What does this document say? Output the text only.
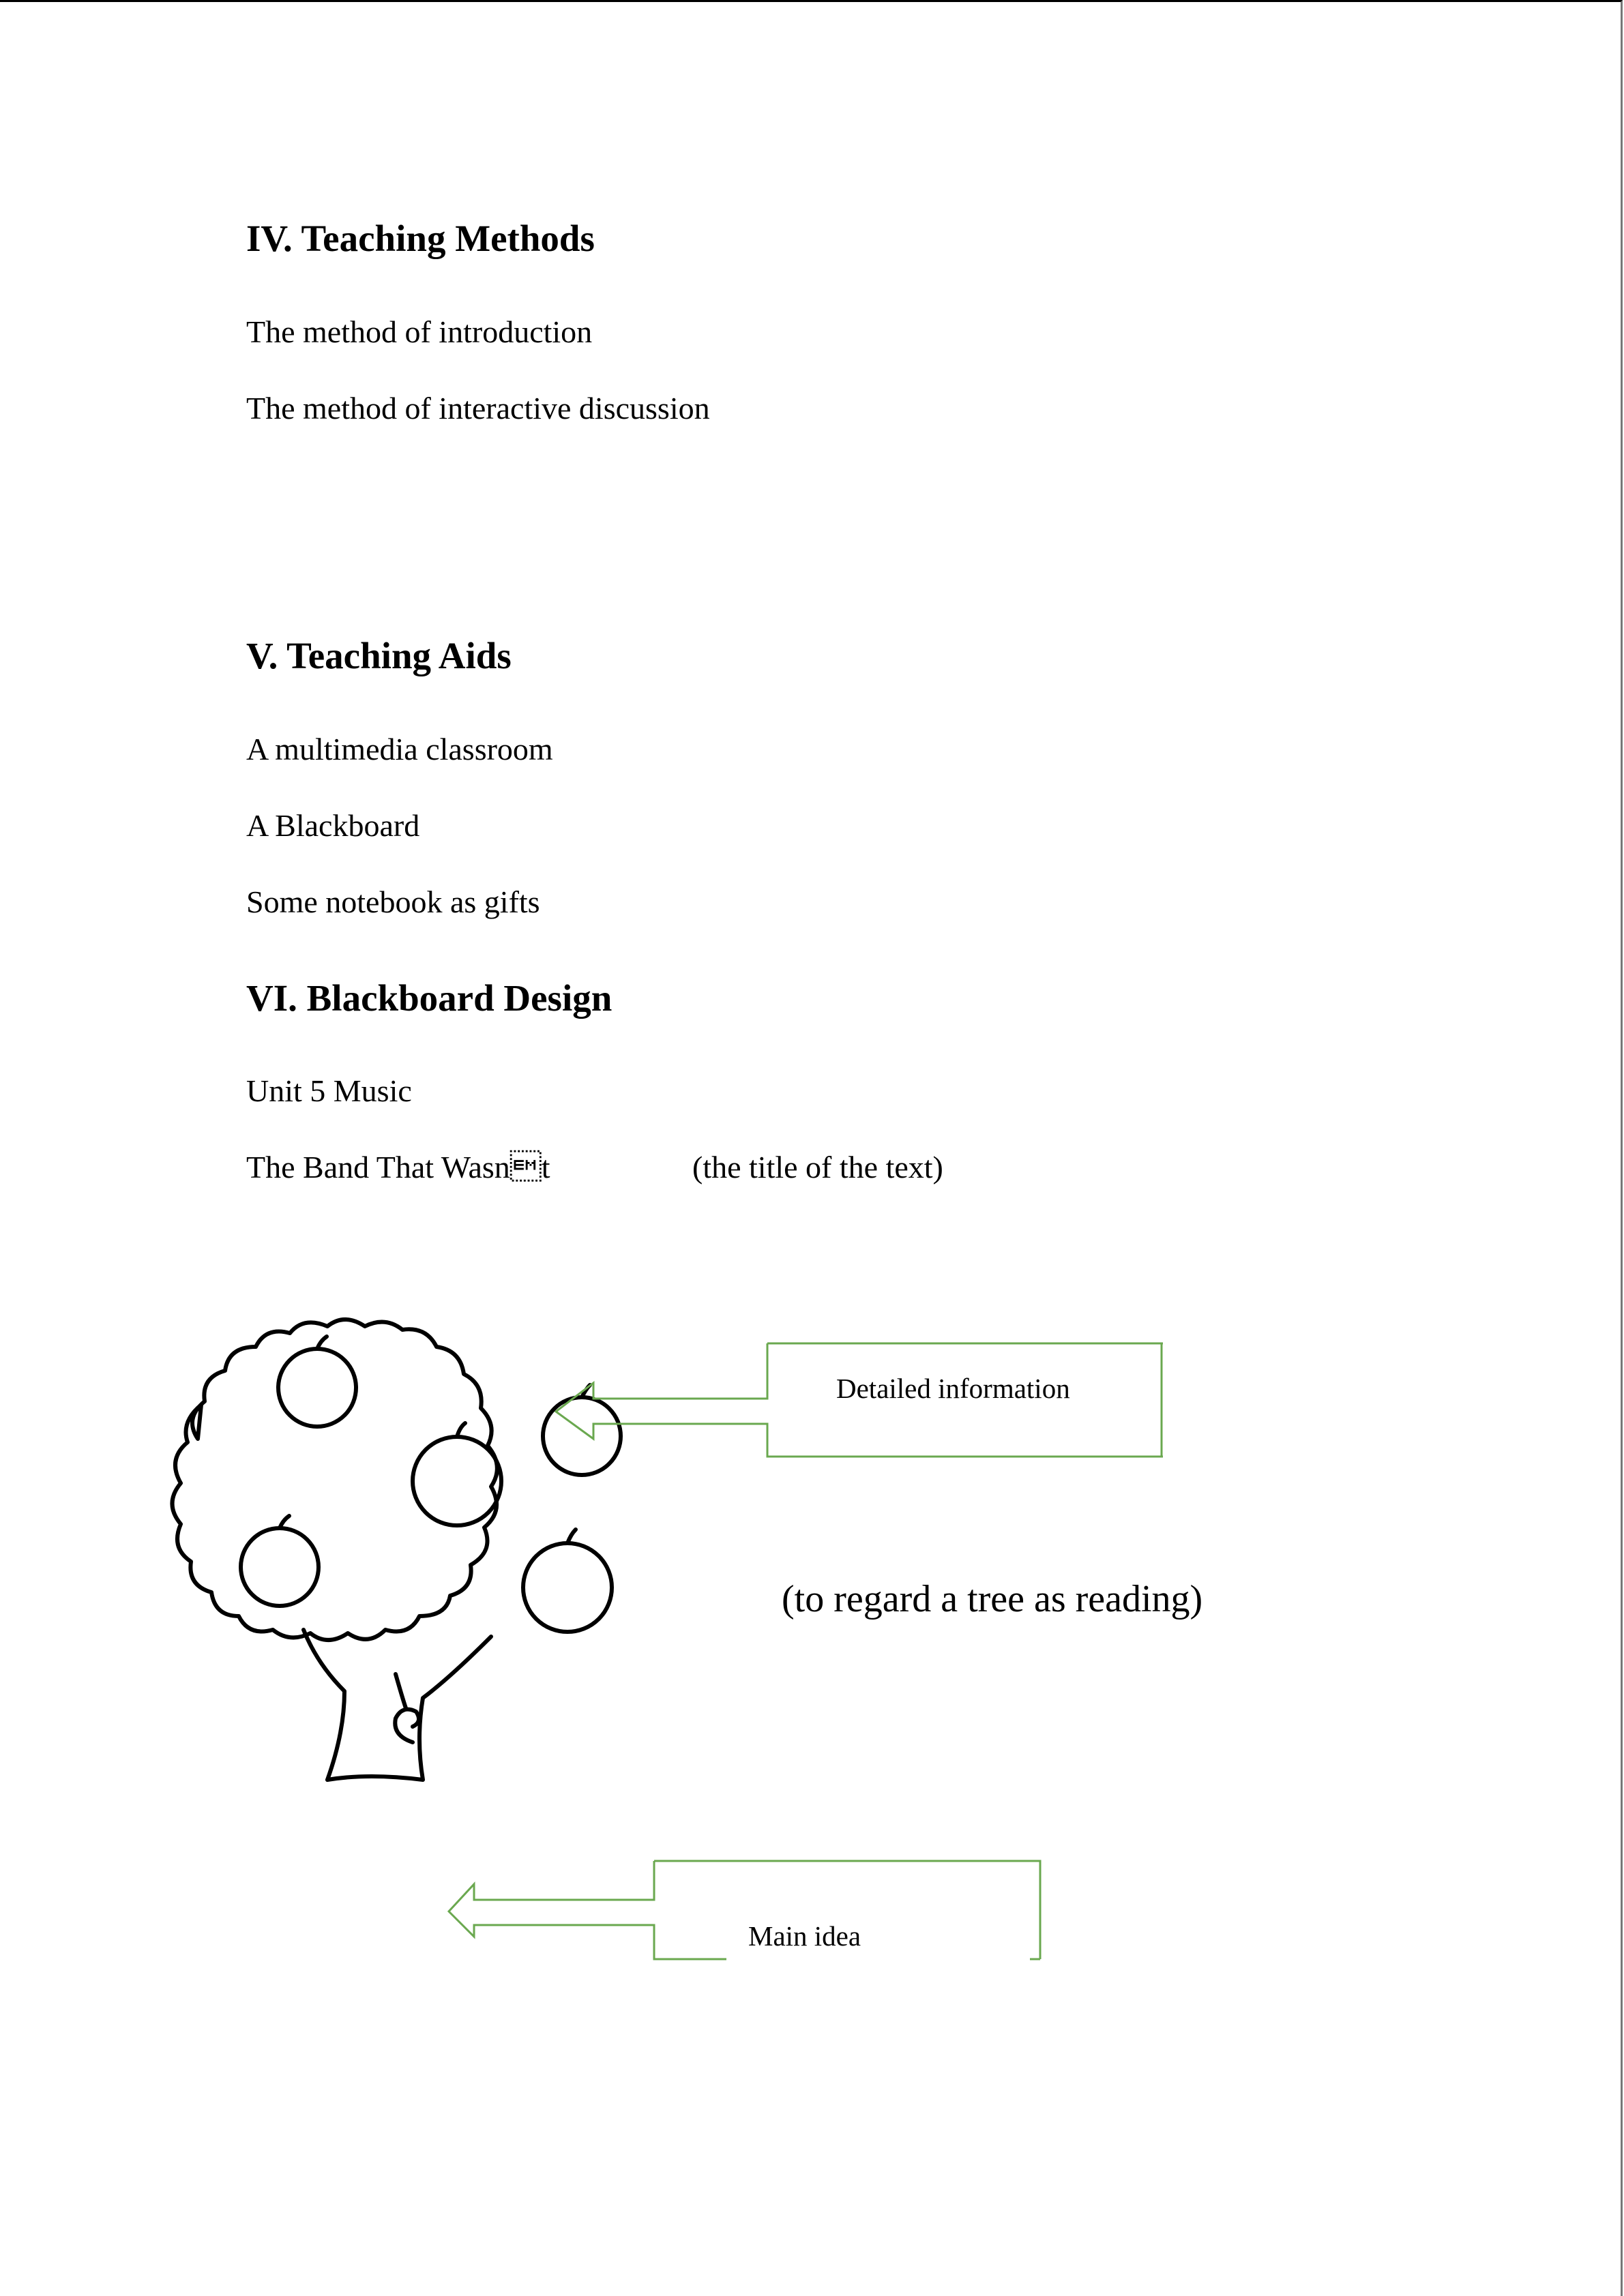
IV. Teaching Methods
The method of introduction
The method of interactive discussion
V. Teaching Aids
A multimedia classroom
A Blackboard
Some notebook as gifts
VI. Blackboard Design
Unit 5 Music
The Band That Wasnt	(the title of the text)
Detailed information
(to regard a tree as reading)
Main idea
